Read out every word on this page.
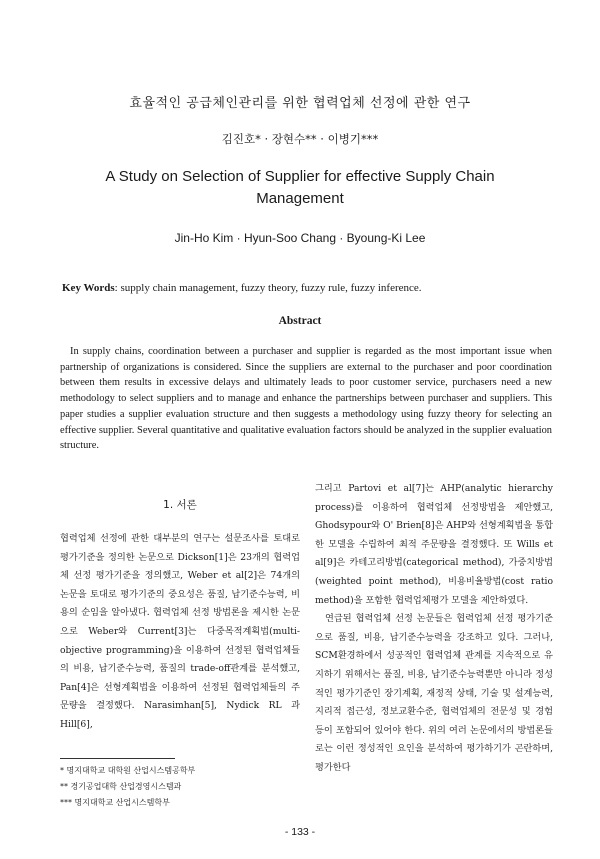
효율적인 공급체인관리를 위한 협력업체 선정에 관한 연구
김진호* · 장현수** · 이병기***
A Study on Selection of Supplier for effective Supply Chain
Management
Jin-Ho Kim · Hyun-Soo Chang · Byoung-Ki Lee
Key Words: supply chain management, fuzzy theory, fuzzy rule, fuzzy inference.
Abstract

In supply chains, coordination between a purchaser and supplier is regarded as the most important issue when partnership of organizations is considered. Since the suppliers are external to the purchaser and poor coordination between them results in excessive delays and ultimately leads to poor customer service, purchasers need a new methodology to select suppliers and to manage and enhance the partnerships between purchaser and suppliers. This paper studies a supplier evaluation structure and then suggests a methodology using fuzzy theory for selecting an effective supplier. Several quantitative and qualitative evaluation factors should be analyzed in the supplier evaluation structure.

1. 서론

협력업체 선정에 관한 대부분의 연구는 설문조사를 토대로 평가기준을 정의한 논문으로 Dickson[1]은 23개의 협력업체 선정 평가기준을 정의했고, Weber et al[2]은 74개의 논문을 토대로 평가기준의 중요성은 품질, 납기준수능력, 비용의 순임을 알아냈다. 협력업체 선정 방법론을 제시한 논문으로 Weber와 Current[3]는 다중목적계획법(multi-objective programming)을 이용하여 선정된 협력업체들의 비용, 납기준수능력, 품질의 trade-off관계를 분석했고, Pan[4]은 선형계획법을 이용하여 선정된 협력업체들의 주문량을 결정했다. Narasimhan[5], Nydick RL 과 Hill[6],

그리고 Partovi et al[7]는 AHP(analytic hierarchy process)를 이용하여 협력업체 선정방법을 제안했고, Ghodsypour와 O' Brien[8]은 AHP와 선형계획법을 통합한 모델을 수립하여 최적 주문량을 결정했다. 또 Wills et al[9]은 카테고리방법(categorical method), 가중치방법(weighted point method), 비용비율방법(cost ratio method)을 포함한 협력업체평가 모델을 제안하였다.

연급된 협력업체 선정 논문들은 협력업체 선정 평가기준으로 품질, 비용, 납기준수능력을 강조하고 있다. 그러나, SCM환경하에서 성공적인 협력업체 관계를 지속적으로 유지하기 위해서는 품질, 비용, 납기준수능력뿐만 아니라 정성적인 평가기준인 장기계획, 재정적 상태, 기술 및 설계능력, 지리적 접근성, 정보교환수준, 협력업체의 전문성 및 경험 등이 포함되어 있어야 한다. 위의 여러 논문에서의 방법론들로는 이런 정성적인 요인을 분석하여 평가하기가 곤란하며, 평가한다

* 명지대학교 대학원 산업시스템공학부
** 경기공업대학 산업경영시스템과
*** 명지대학교 산업시스템학부
- 133 -
